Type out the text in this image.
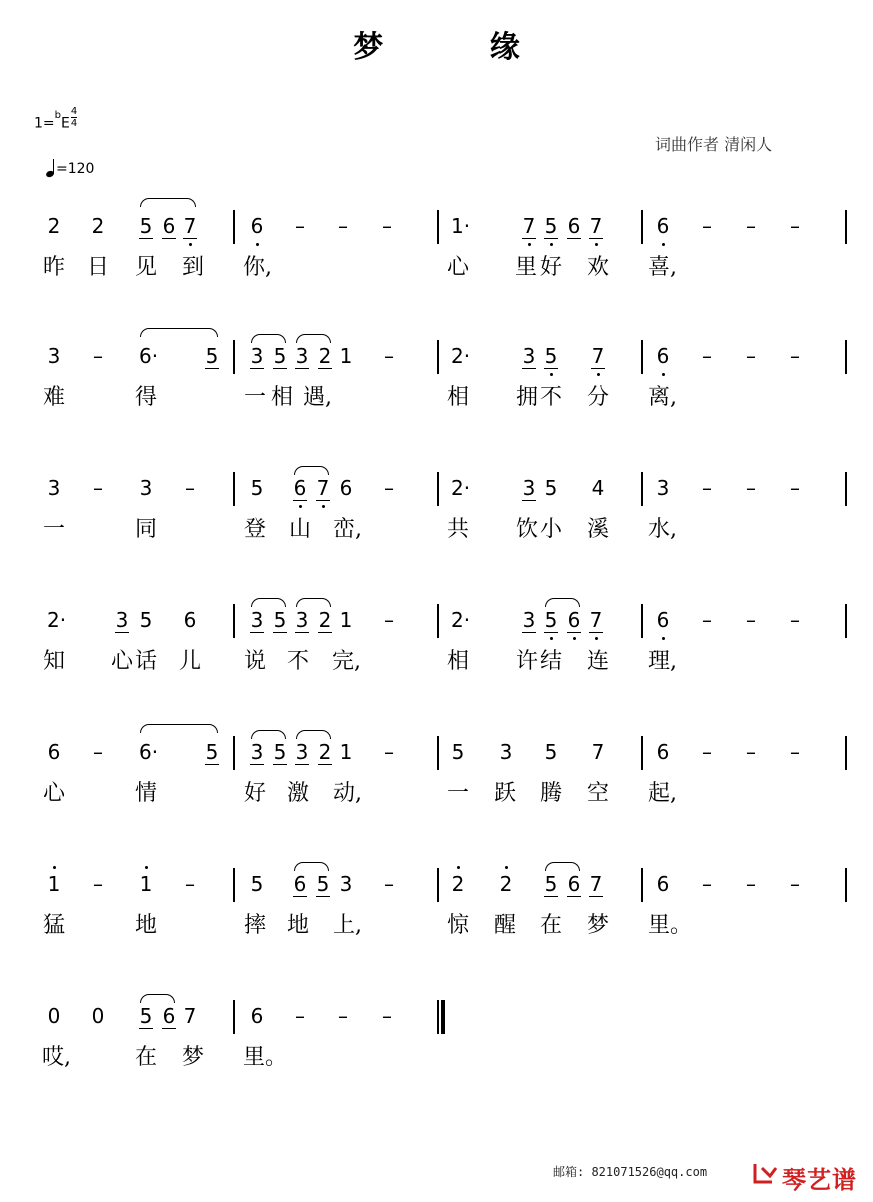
梦 缘
$1=^bE \frac{4}{4}$
=120
词曲作者 清闲人
2 2 5 6 7	6 – – –	1·	7 5 6 7	6 – – –
昨 日 见 到 你,	心 里 好 欢 喜,
3 – 6· 5 3 5 3 2 1 –	2·	3 5 7	6 – – –
难	得	一 相 遇,	相 拥 不 分 离,
3 – 3 –	5 6 7 6 –	2·	3 5 4	3 – – –
一	同	登 山 峦,	共 饮 小 溪 水,
2· 3 5 6	3 5 3 2 1 –	2·	3 5 6 7	6 – – –
知 心 话 儿 说 不 完,	相 许 结 连 理,
6 – 6· 5 3 5 3 2 1 –	5 3 5 7	6 – – –
心	情	好 激 动,	一 跃 腾 空 起,
1 – 1 –	5 6 5 3 –	2 2 5 6 7	6 – – –
猛	地	摔 地 上,	惊 醒 在 梦 里。
0 0 5 6 7	6 – – –
哎,	在 梦 里。
邮箱: 821071526@qq.com	琴艺谱
